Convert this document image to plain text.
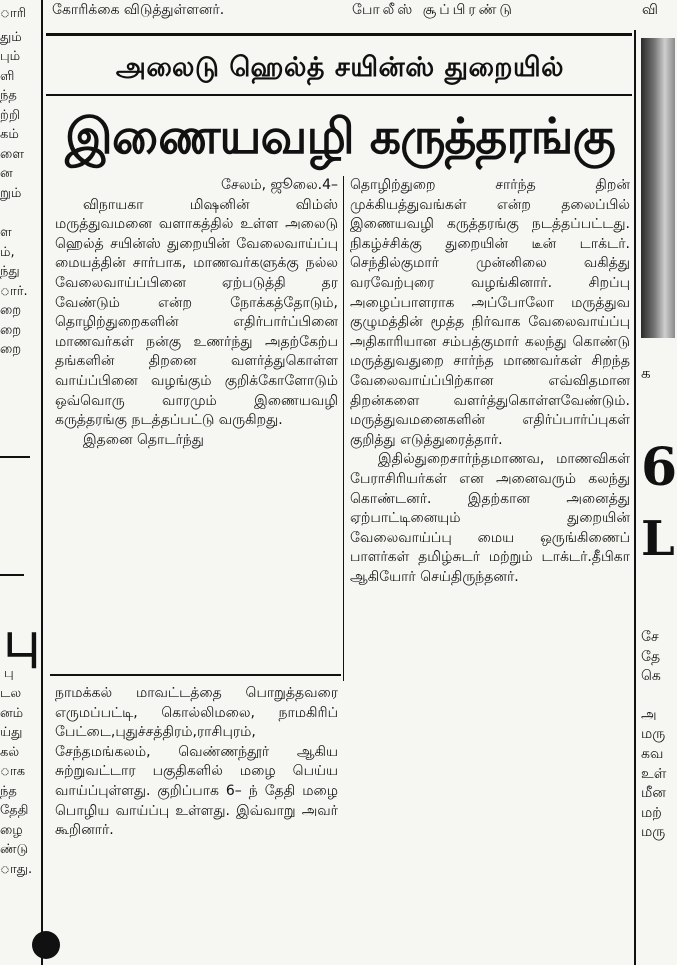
கோரிக்கை விடுத்துள்ளனர்.	போலீஸ் சூப்பிரண்டு	வி
பு
ாரி
தும்
பும்
ளி
ந்த
ற்றி
கம்
ளை
ன
றும்
ள
ம்,
ந்து
ார்.
றை
றை
றை
டல
னம்
ய்து
கல்
ாக
ந்த
தேதி
ழை
ண்டு
ாது.
பு
அலைடு ஹெல்த் சயின்ஸ் துறையில்
இணையவழி கருத்தரங்கு

சேலம், ஜூலை.4–

விநாயகா மிஷனின் விம்ஸ் மருத்துவமனை வளாகத்தில் உள்ள அலைடு ஹெல்த் சயின்ஸ் துறையின் வேலைவாய்ப்பு மையத்தின் சார்பாக, மாணவர்களுக்கு நல்ல வேலைவாய்ப்பினை ஏற்படுத்தி தர வேண்டும் என்ற நோக்கத்தோடும், தொழிற்துறைகளின் எதிர்பார்ப்பினை மாணவர்கள் நன்கு உணர்ந்து அதற்கேற்ப தங்களின் திறனை வளர்த்துகொள்ள வாய்ப்பினை வழங்கும் குறிக்கோளோடும் ஒவ்வொரு வாரமும் இணையவழி கருத்தரங்கு நடத்தப்பட்டு வருகிறது.

இதனை தொடர்ந்து

நாமக்கல் மாவட்டத்தை பொறுத்தவரை எருமப்பட்டி, கொல்லிமலை, நாமகிரிப் பேட்டை,புதுச்சத்திரம்,ராசிபுரம், சேந்தமங்கலம், வெண்ணந்தூர் ஆகிய சுற்றுவட்டார பகுதிகளில் மழை பெய்ய வாய்ப்புள்ளது. குறிப்பாக 6– ந் தேதி மழை பொழிய வாய்ப்பு உள்ளது. இவ்வாறு அவர் கூறினார்.

தொழிற்துறை சார்ந்த திறன் முக்கியத்துவங்கள் என்ற தலைப்பில் இணையவழி கருத்தரங்கு நடத்தப்பட்டது. நிகழ்ச்சிக்கு துறையின் டீன் டாக்டர். செந்தில்குமார் முன்னிலை வகித்து வரவேற்புரை வழங்கினார். சிறப்பு அழைப்பாளராக அப்போலோ மருத்துவ குழுமத்தின் மூத்த நிர்வாக வேலைவாய்ப்பு அதிகாரியான சம்பத்குமார் கலந்து கொண்டு மருத்துவதுறை சார்ந்த மாணவர்கள் சிறந்த வேலைவாய்ப்பிற்கான எவ்விதமான திறன்களை வளர்த்துகொள்ளவேண்டும். மருத்துவமனைகளின் எதிர்ப்பார்ப்புகள் குறித்து எடுத்துரைத்தார்.

இதில்துறைசார்ந்தமாணவ, மாணவிகள் பேராசிரியர்கள் என அனைவரும் கலந்து கொண்டனர். இதற்கான அனைத்து ஏற்பாட்டினையும் துறையின் வேலைவாய்ப்பு மைய ஒருங்கிணைப் பாளர்கள் தமிழ்சுடர் மற்றும் டாக்டர்.தீபிகா ஆகியோர் செய்திருந்தனர்.

க
6
L
சே
தே
கெ
அ
மரு
கவ
உள்
மீன
மற்
மரு
